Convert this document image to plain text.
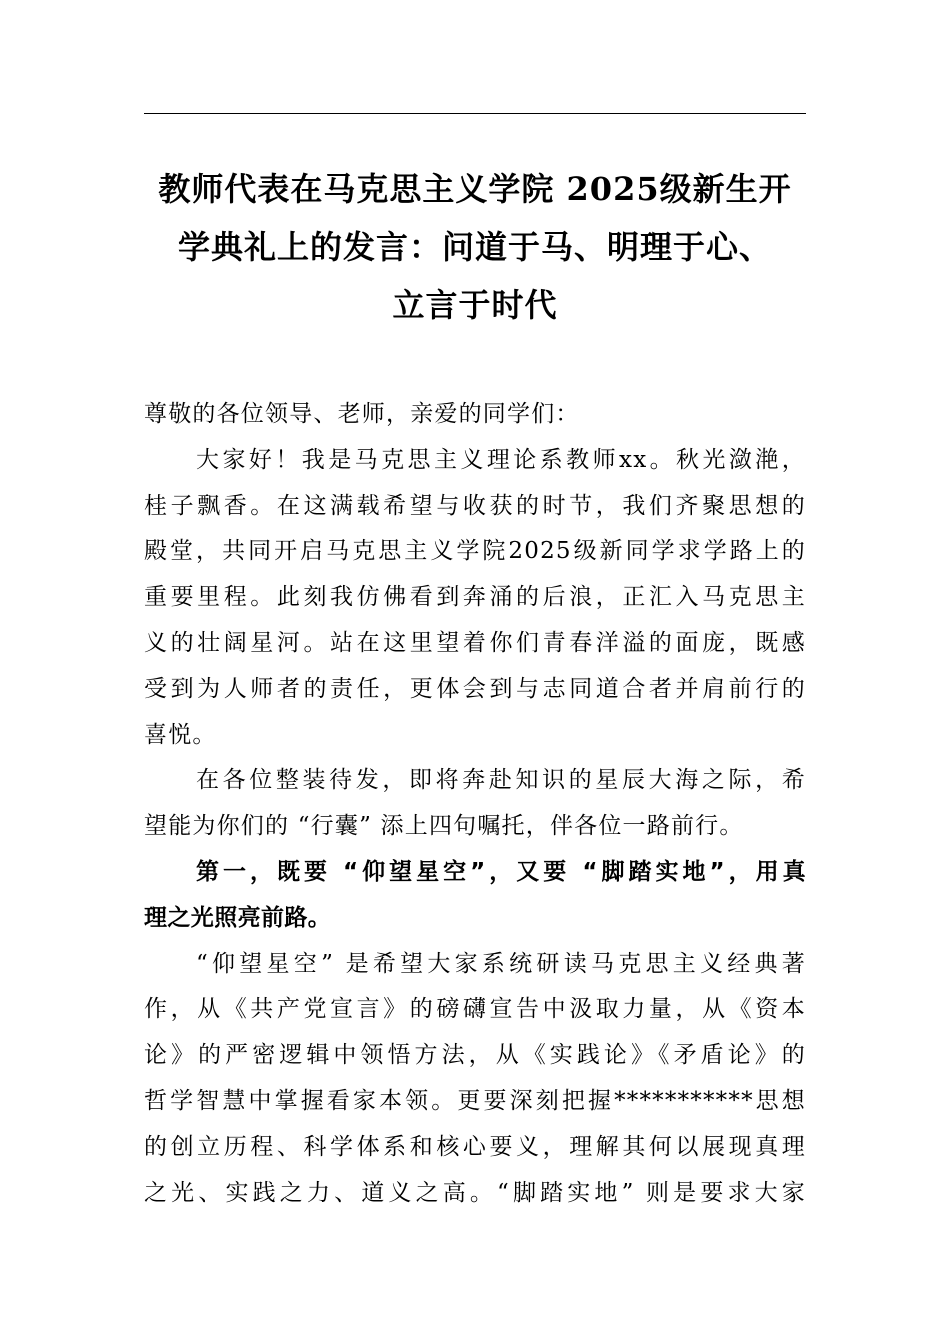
教师代表在马克思主义学院 2025级新生开
学典礼上的发言：问道于马、明理于心、
立言于时代
尊敬的各位领导、老师，亲爱的同学们：
大家好！我是马克思主义理论系教师xx。秋光潋滟，
桂子飘香。在这满载希望与收获的时节，我们齐聚思想的
殿堂，共同开启马克思主义学院2025级新同学求学路上的
重要里程。此刻我仿佛看到奔涌的后浪，正汇入马克思主
义的壮阔星河。站在这里望着你们青春洋溢的面庞，既感
受到为人师者的责任，更体会到与志同道合者并肩前行的
喜悦。
在各位整装待发，即将奔赴知识的星辰大海之际，希
望能为你们的 “行囊” 添上四句嘱托，伴各位一路前行。
第一，既要 “仰望星空”，又要 “脚踏实地”，用真
理之光照亮前路。
“仰望星空” 是希望大家系统研读马克思主义经典著
作，从《共产党宣言》的磅礴宣告中汲取力量，从《资本
论》的严密逻辑中领悟方法，从《实践论》《矛盾论》的
哲学智慧中掌握看家本领。更要深刻把握***********思想
的创立历程、科学体系和核心要义，理解其何以展现真理
之光、实践之力、道义之高。“脚踏实地” 则是要求大家
